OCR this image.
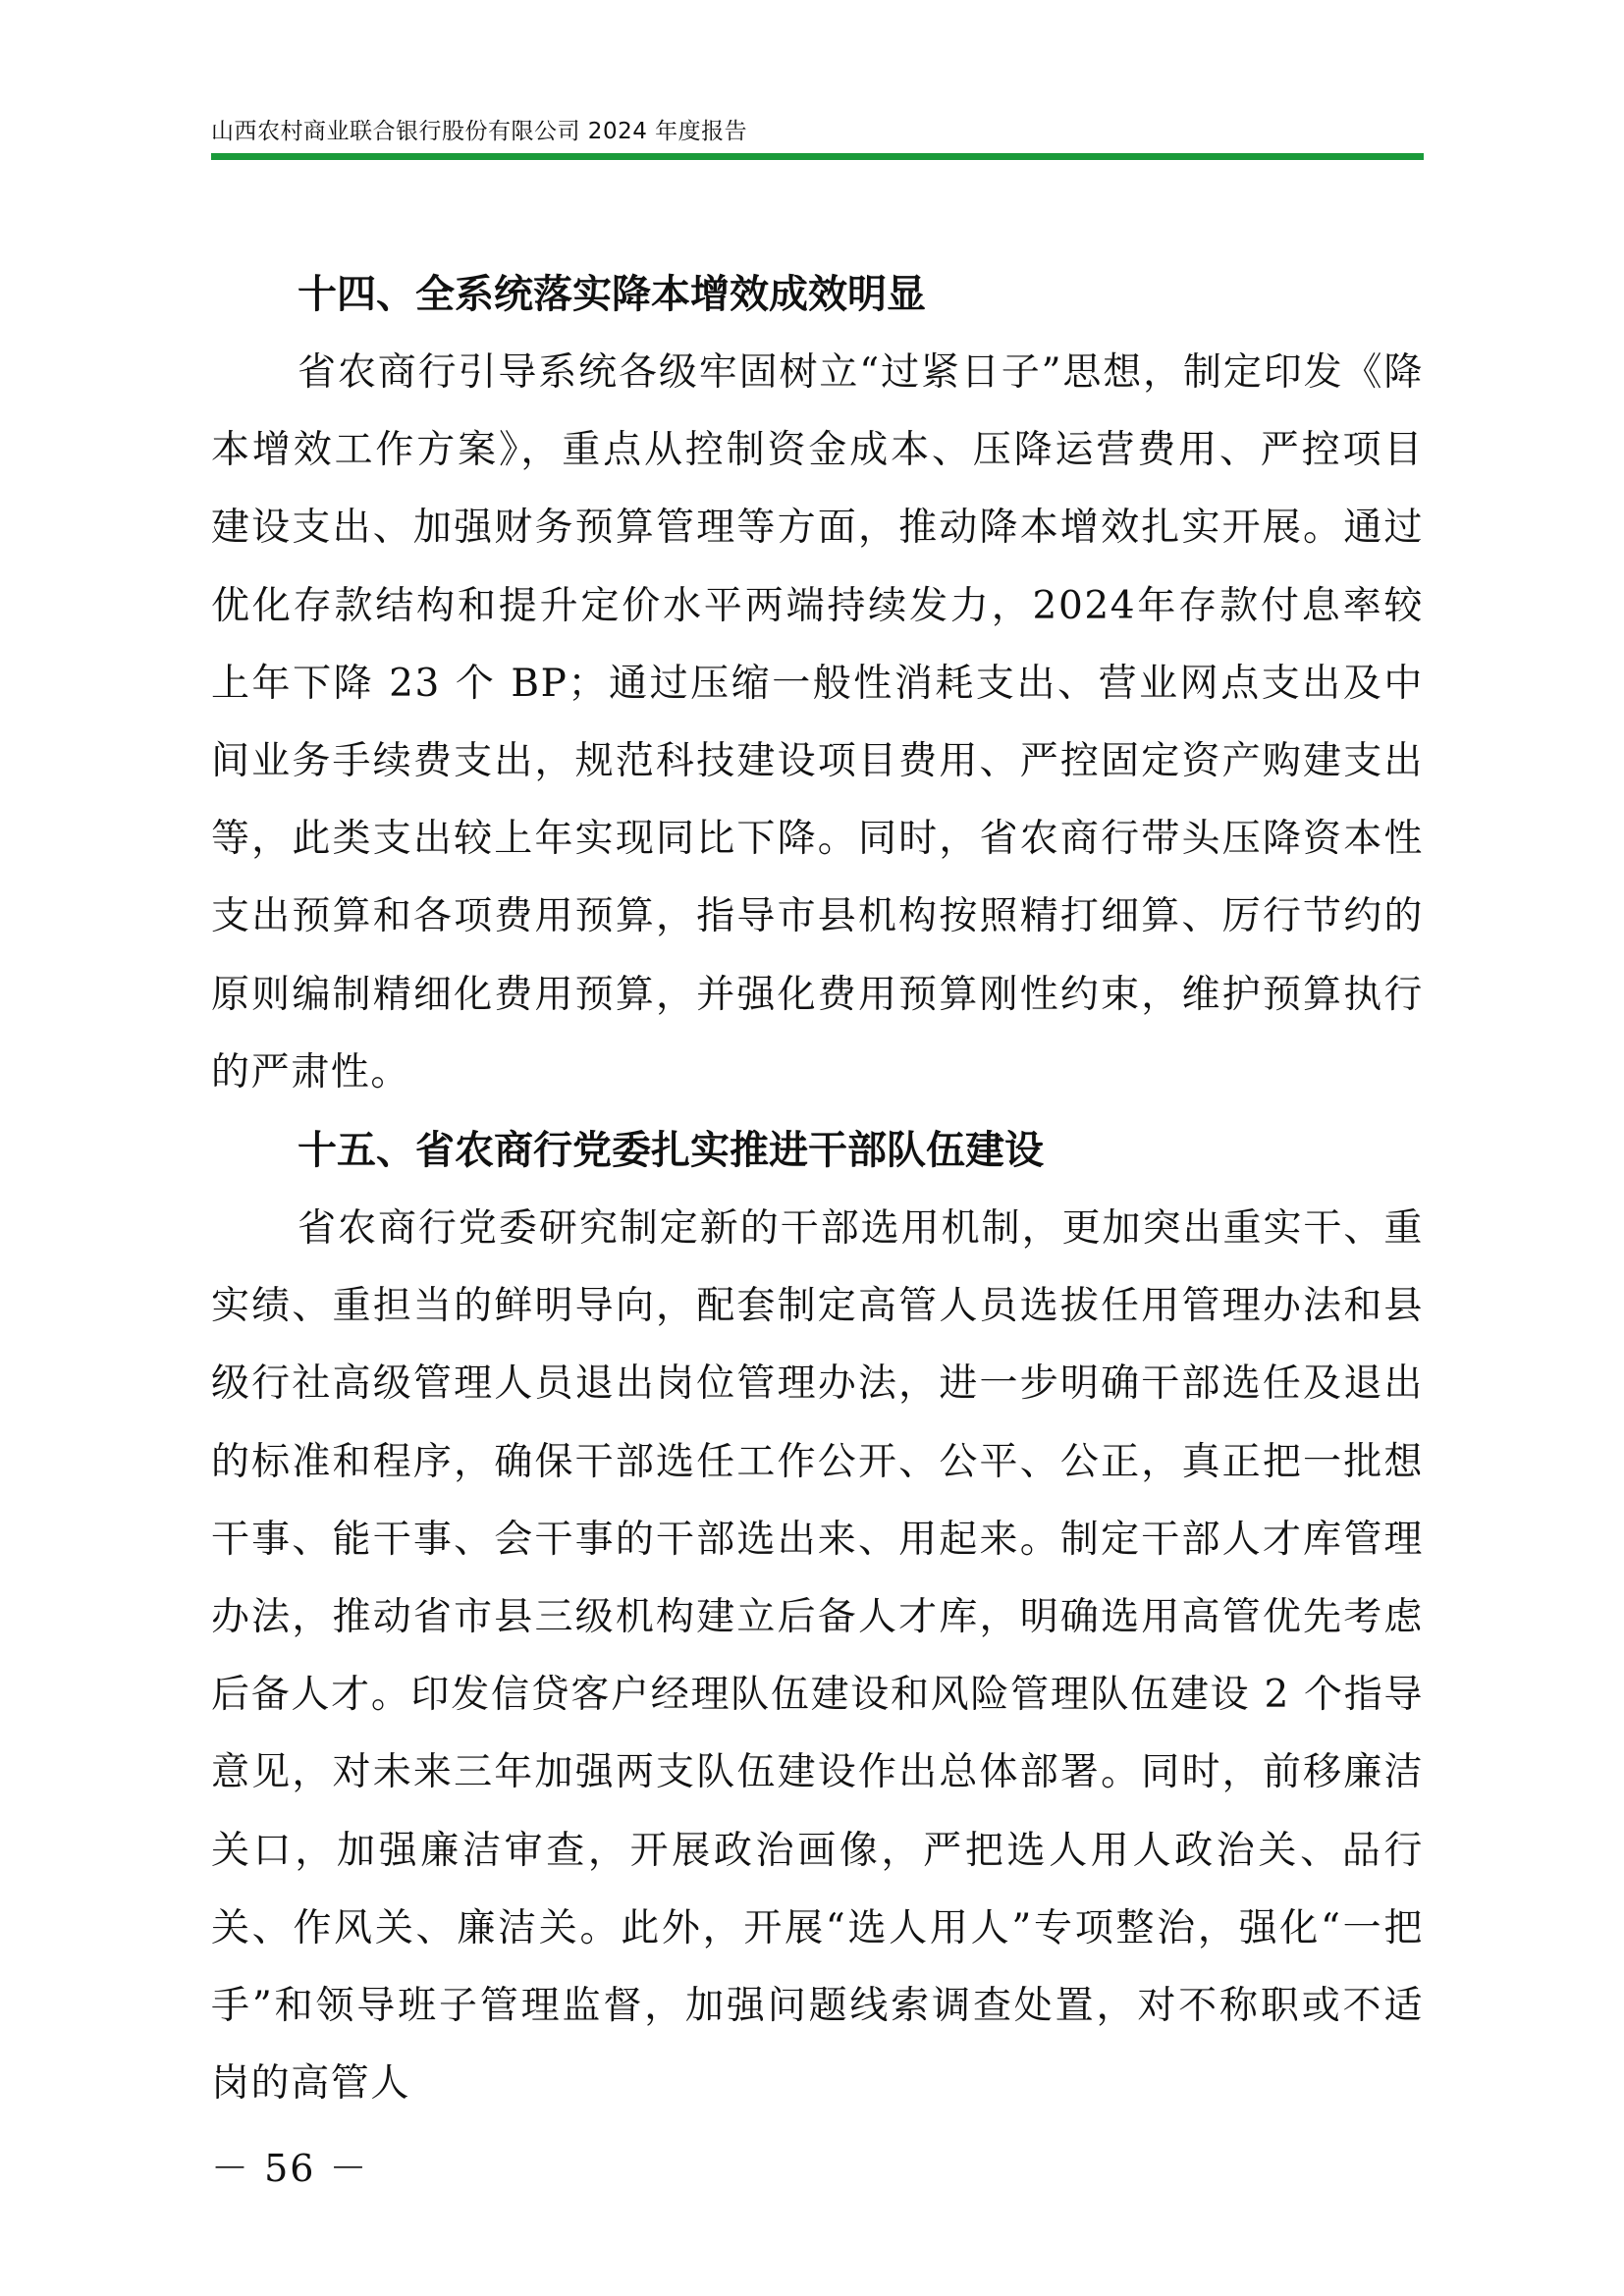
山西农村商业联合银行股份有限公司 2024 年度报告
十四、全系统落实降本增效成效明显

省农商行引导系统各级牢固树立“过紧日子”思想，制定印发《降本增效工作方案》，重点从控制资金成本、压降运营费用、严控项目建设支出、加强财务预算管理等方面，推动降本增效扎实开展。通过优化存款结构和提升定价水平两端持续发力，2024年存款付息率较上年下降 23 个 BP；通过压缩一般性消耗支出、营业网点支出及中间业务手续费支出，规范科技建设项目费用、严控固定资产购建支出等，此类支出较上年实现同比下降。同时，省农商行带头压降资本性支出预算和各项费用预算，指导市县机构按照精打细算、厉行节约的原则编制精细化费用预算，并强化费用预算刚性约束，维护预算执行的严肃性。

十五、省农商行党委扎实推进干部队伍建设

省农商行党委研究制定新的干部选用机制，更加突出重实干、重实绩、重担当的鲜明导向，配套制定高管人员选拔任用管理办法和县级行社高级管理人员退出岗位管理办法，进一步明确干部选任及退出的标准和程序，确保干部选任工作公开、公平、公正，真正把一批想干事、能干事、会干事的干部选出来、用起来。制定干部人才库管理办法，推动省市县三级机构建立后备人才库，明确选用高管优先考虑后备人才。印发信贷客户经理队伍建设和风险管理队伍建设 2 个指导意见，对未来三年加强两支队伍建设作出总体部署。同时，前移廉洁关口，加强廉洁审查，开展政治画像，严把选人用人政治关、品行关、作风关、廉洁关。此外，开展“选人用人”专项整治，强化“一把手”和领导班子管理监督，加强问题线索调查处置，对不称职或不适岗的高管人

－ 56 －
